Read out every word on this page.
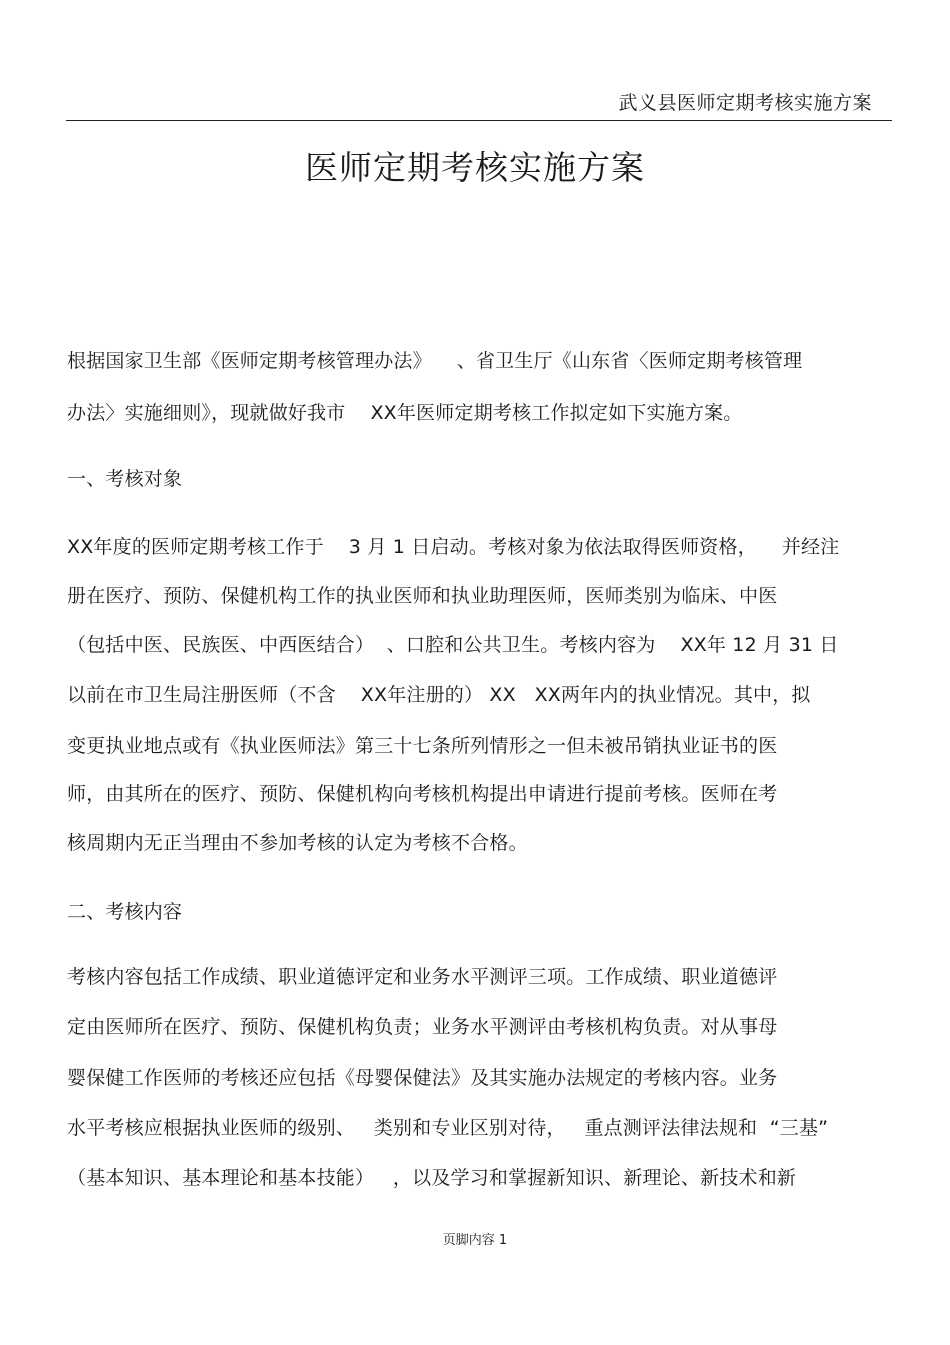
武义县医师定期考核实施方案
医师定期考核实施方案
根据国家卫生部《医师定期考核管理办法》    、省卫生厅《山东省〈医师定期考核管理
办法〉实施细则》，现就做好我市    XX年医师定期考核工作拟定如下实施方案。
一、考核对象
XX年度的医师定期考核工作于    3 月 1 日启动。考核对象为依法取得医师资格，    并经注
册在医疗、预防、保健机构工作的执业医师和执业助理医师，医师类别为临床、中医
（包括中医、民族医、中西医结合）  、口腔和公共卫生。考核内容为    XX年 12 月 31 日
以前在市卫生局注册医师（不含    XX年注册的） XX   XX两年内的执业情况。其中，拟
变更执业地点或有《执业医师法》第三十七条所列情形之一但未被吊销执业证书的医
师，由其所在的医疗、预防、保健机构向考核机构提出申请进行提前考核。医师在考
核周期内无正当理由不参加考核的认定为考核不合格。
二、考核内容
考核内容包括工作成绩、职业道德评定和业务水平测评三项。工作成绩、职业道德评
定由医师所在医疗、预防、保健机构负责；业务水平测评由考核机构负责。对从事母
婴保健工作医师的考核还应包括《母婴保健法》及其实施办法规定的考核内容。业务
水平考核应根据执业医师的级别、   类别和专业区别对待，   重点测评法律法规和  “三基”
（基本知识、基本理论和基本技能）   ，以及学习和掌握新知识、新理论、新技术和新
页脚内容 1
